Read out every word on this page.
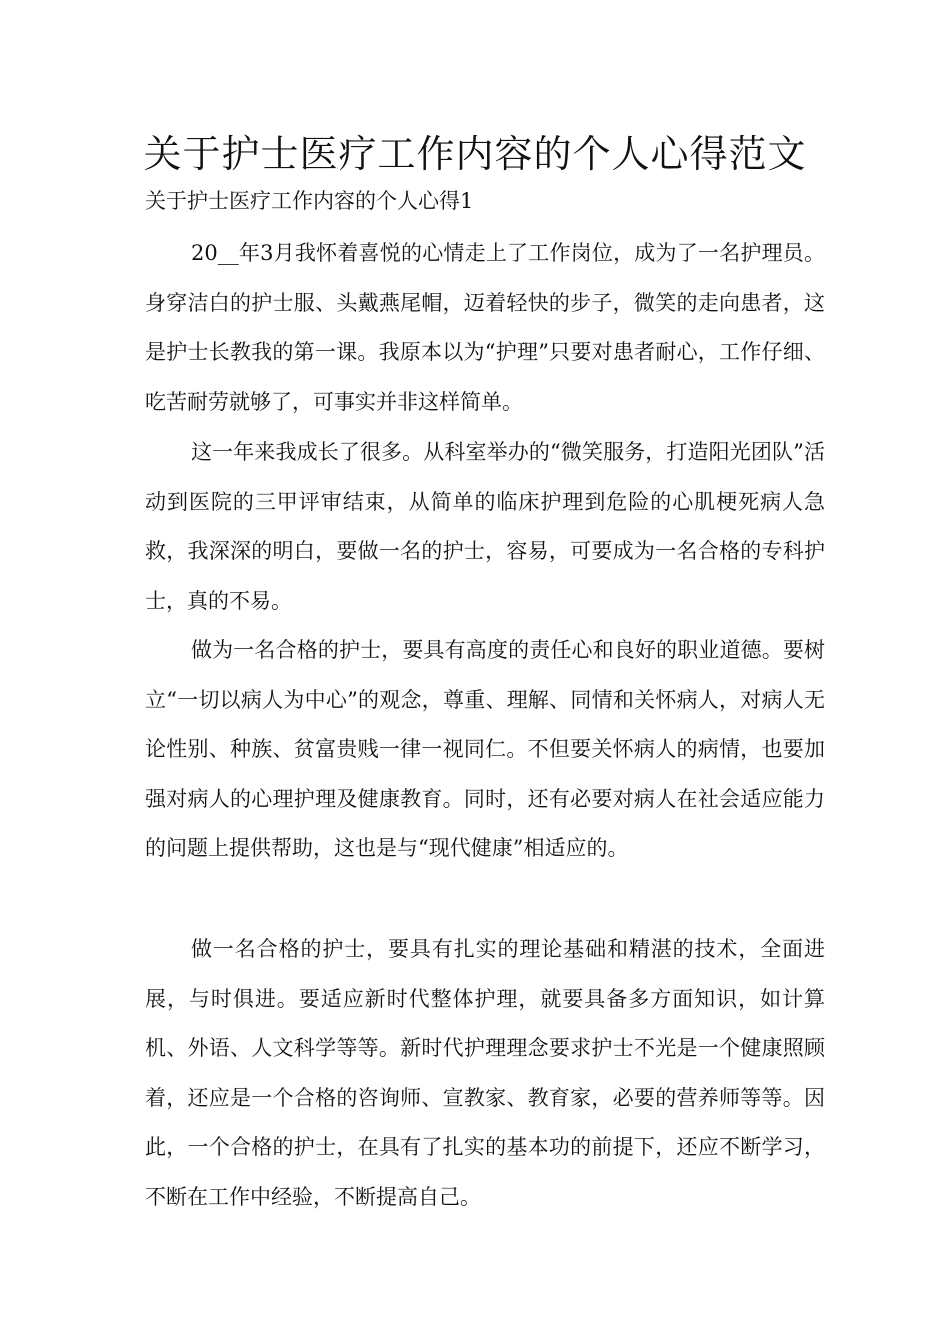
关于护士医疗工作内容的个人心得范文

关于护士医疗工作内容的个人心得1

20__年3月我怀着喜悦的心情走上了工作岗位，成为了一名护理员。身穿洁白的护士服、头戴燕尾帽，迈着轻快的步子，微笑的走向患者，这是护士长教我的第一课。我原本以为“护理”只要对患者耐心，工作仔细、吃苦耐劳就够了，可事实并非这样简单。

这一年来我成长了很多。从科室举办的“微笑服务，打造阳光团队”活动到医院的三甲评审结束，从简单的临床护理到危险的心肌梗死病人急救，我深深的明白，要做一名的护士，容易，可要成为一名合格的专科护士，真的不易。

做为一名合格的护士，要具有高度的责任心和良好的职业道德。要树立“一切以病人为中心”的观念，尊重、理解、同情和关怀病人，对病人无论性别、种族、贫富贵贱一律一视同仁。不但要关怀病人的病情，也要加强对病人的心理护理及健康教育。同时，还有必要对病人在社会适应能力的问题上提供帮助，这也是与“现代健康”相适应的。

做一名合格的护士，要具有扎实的理论基础和精湛的技术，全面进展，与时俱进。要适应新时代整体护理，就要具备多方面知识，如计算机、外语、人文科学等等。新时代护理理念要求护士不光是一个健康照顾着，还应是一个合格的咨询师、宣教家、教育家，必要的营养师等等。因此，一个合格的护士，在具有了扎实的基本功的前提下，还应不断学习，不断在工作中经验，不断提高自己。
